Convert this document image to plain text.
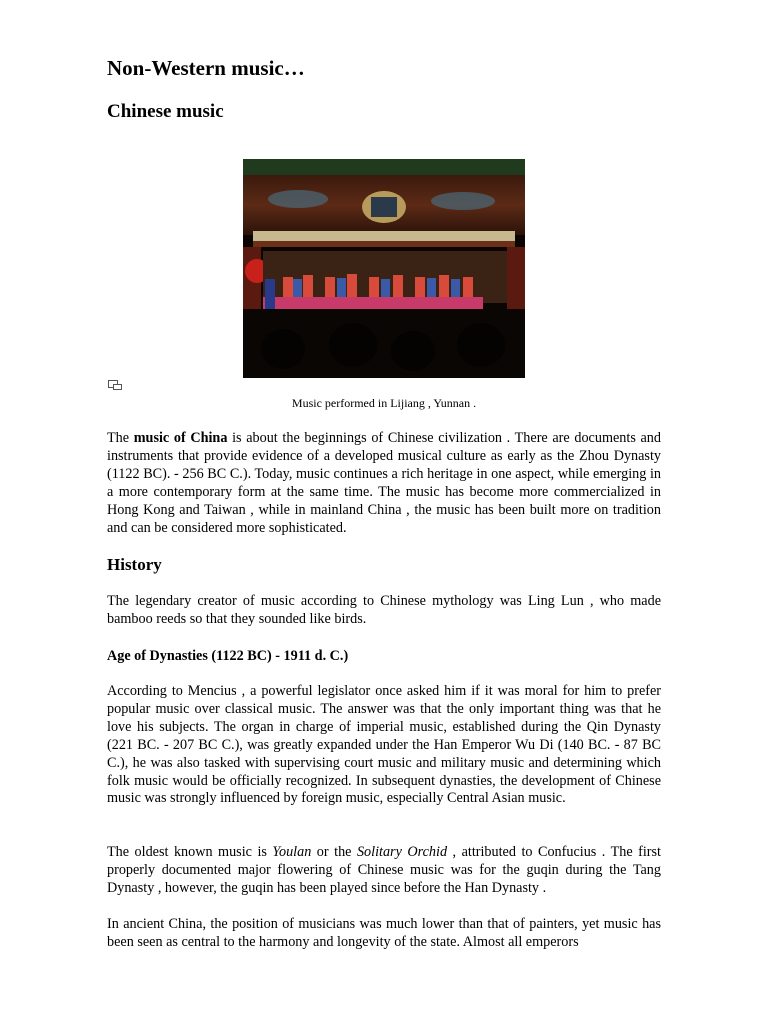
Non-Western music…
Chinese music
Music performed in Lijiang , Yunnan .

The music of China is about the beginnings of Chinese civilization . There are documents and instruments that provide evidence of a developed musical culture as early as the Zhou Dynasty (1122 BC). - 256 BC C.). Today, music continues a rich heritage in one aspect, while emerging in a more contemporary form at the same time. The music has become more commercialized in Hong Kong and Taiwan , while in mainland China , the music has been built more on tradition and can be considered more sophisticated.

History

The legendary creator of music according to Chinese mythology was Ling Lun , who made bamboo reeds so that they sounded like birds.

Age of Dynasties (1122 BC) - 1911 d. C.)

According to Mencius , a powerful legislator once asked him if it was moral for him to prefer popular music over classical music. The answer was that the only important thing was that he love his subjects. The organ in charge of imperial music, established during the Qin Dynasty (221 BC. - 207 BC C.), was greatly expanded under the Han Emperor Wu Di (140 BC. - 87 BC C.), he was also tasked with supervising court music and military music and determining which folk music would be officially recognized. In subsequent dynasties, the development of Chinese music was strongly influenced by foreign music, especially Central Asian music.

The oldest known music is Youlan or the Solitary Orchid , attributed to Confucius . The first properly documented major flowering of Chinese music was for the guqin during the Tang Dynasty , however, the guqin has been played since before the Han Dynasty .

In ancient China, the position of musicians was much lower than that of painters, yet music has been seen as central to the harmony and longevity of the state. Almost all emperors
